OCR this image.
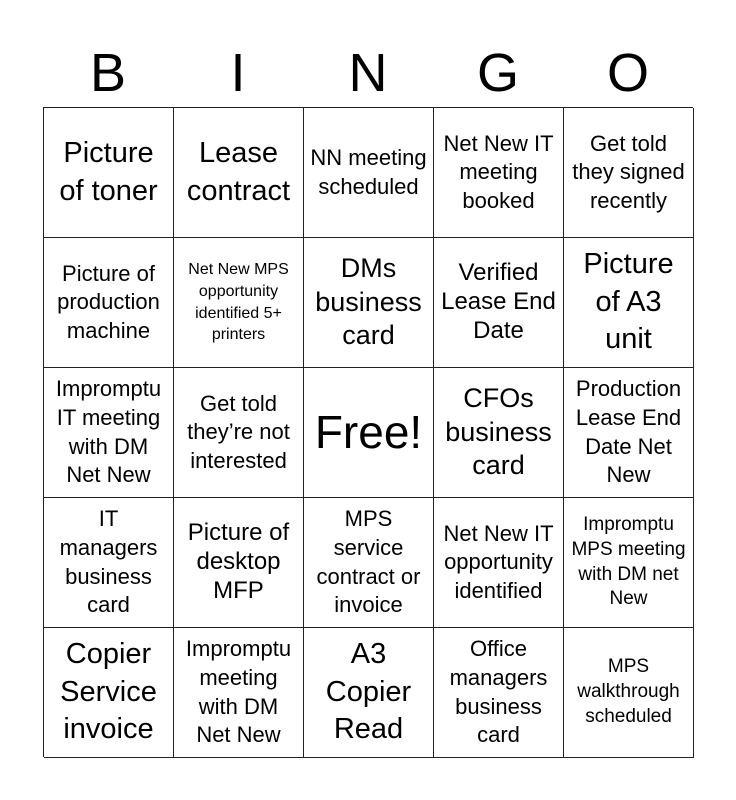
B	I	N	G	O
Picture of toner
Lease contract
NN meeting scheduled
Net New IT meeting booked
Get told they signed recently
Picture of production machine
Net New MPS opportunity identified 5+ printers
DMs business card
Verified Lease End Date
Picture of A3 unit
Impromptu IT meeting with DM Net New
Get told they’re not interested
Free!
CFOs business card
Production Lease End Date Net New
IT managers business card
Picture of desktop MFP
MPS service contract or invoice
Net New IT opportunity identified
Impromptu MPS meeting with DM net New
Copier Service invoice
Impromptu meeting with DM Net New
A3 Copier Read
Office managers business card
MPS walkthrough scheduled
